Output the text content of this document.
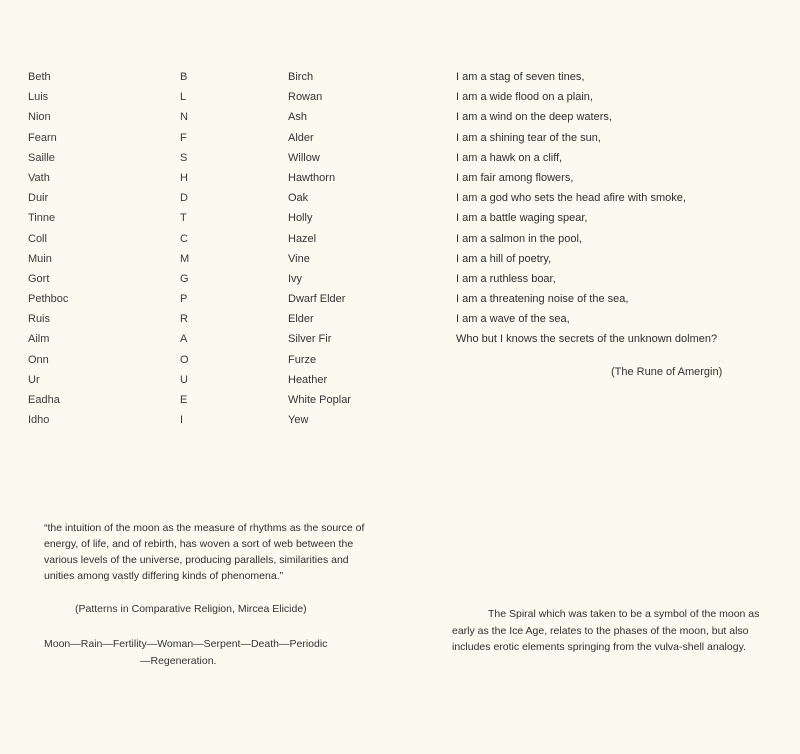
Beth	B	Birch
Luis	L	Rowan
Nion	N	Ash
Fearn	F	Alder
Saille	S	Willow
Vath	H	Hawthorn
Duir	D	Oak
Tinne	T	Holly
Coll	C	Hazel
Muin	M	Vine
Gort	G	Ivy
Pethboc	P	Dwarf Elder
Ruis	R	Elder
Ailm	A	Silver Fir
Onn	O	Furze
Ur	U	Heather
Eadha	E	White Poplar
Idho	I	Yew
I am a stag of seven tines,
I am a wide flood on a plain,
I am a wind on the deep waters,
I am a shining tear of the sun,
I am a hawk on a cliff,
I am fair among flowers,
I am a god who sets the head afire with smoke,
I am a battle waging spear,
I am a salmon in the pool,
I am a hill of poetry,
I am a ruthless boar,
I am a threatening noise of the sea,
I am a wave of the sea,
Who but I knows the secrets of the unknown dolmen?
(The Rune of Amergin)

“the intuition of the moon as the measure of rhythms as the source of energy, of life, and of rebirth, has woven a sort of web between the various levels of the universe, producing parallels, similarities and unities among vastly differing kinds of phenomena.”

(Patterns in Comparative Religion, Mircea Elicide)
Moon—Rain—Fertility—Woman—Serpent—Death—Periodic
—Regeneration.

The Spiral which was taken to be a symbol of the moon as early as the Ice Age, relates to the phases of the moon, but also includes erotic elements springing from the vulva-shell analogy.
